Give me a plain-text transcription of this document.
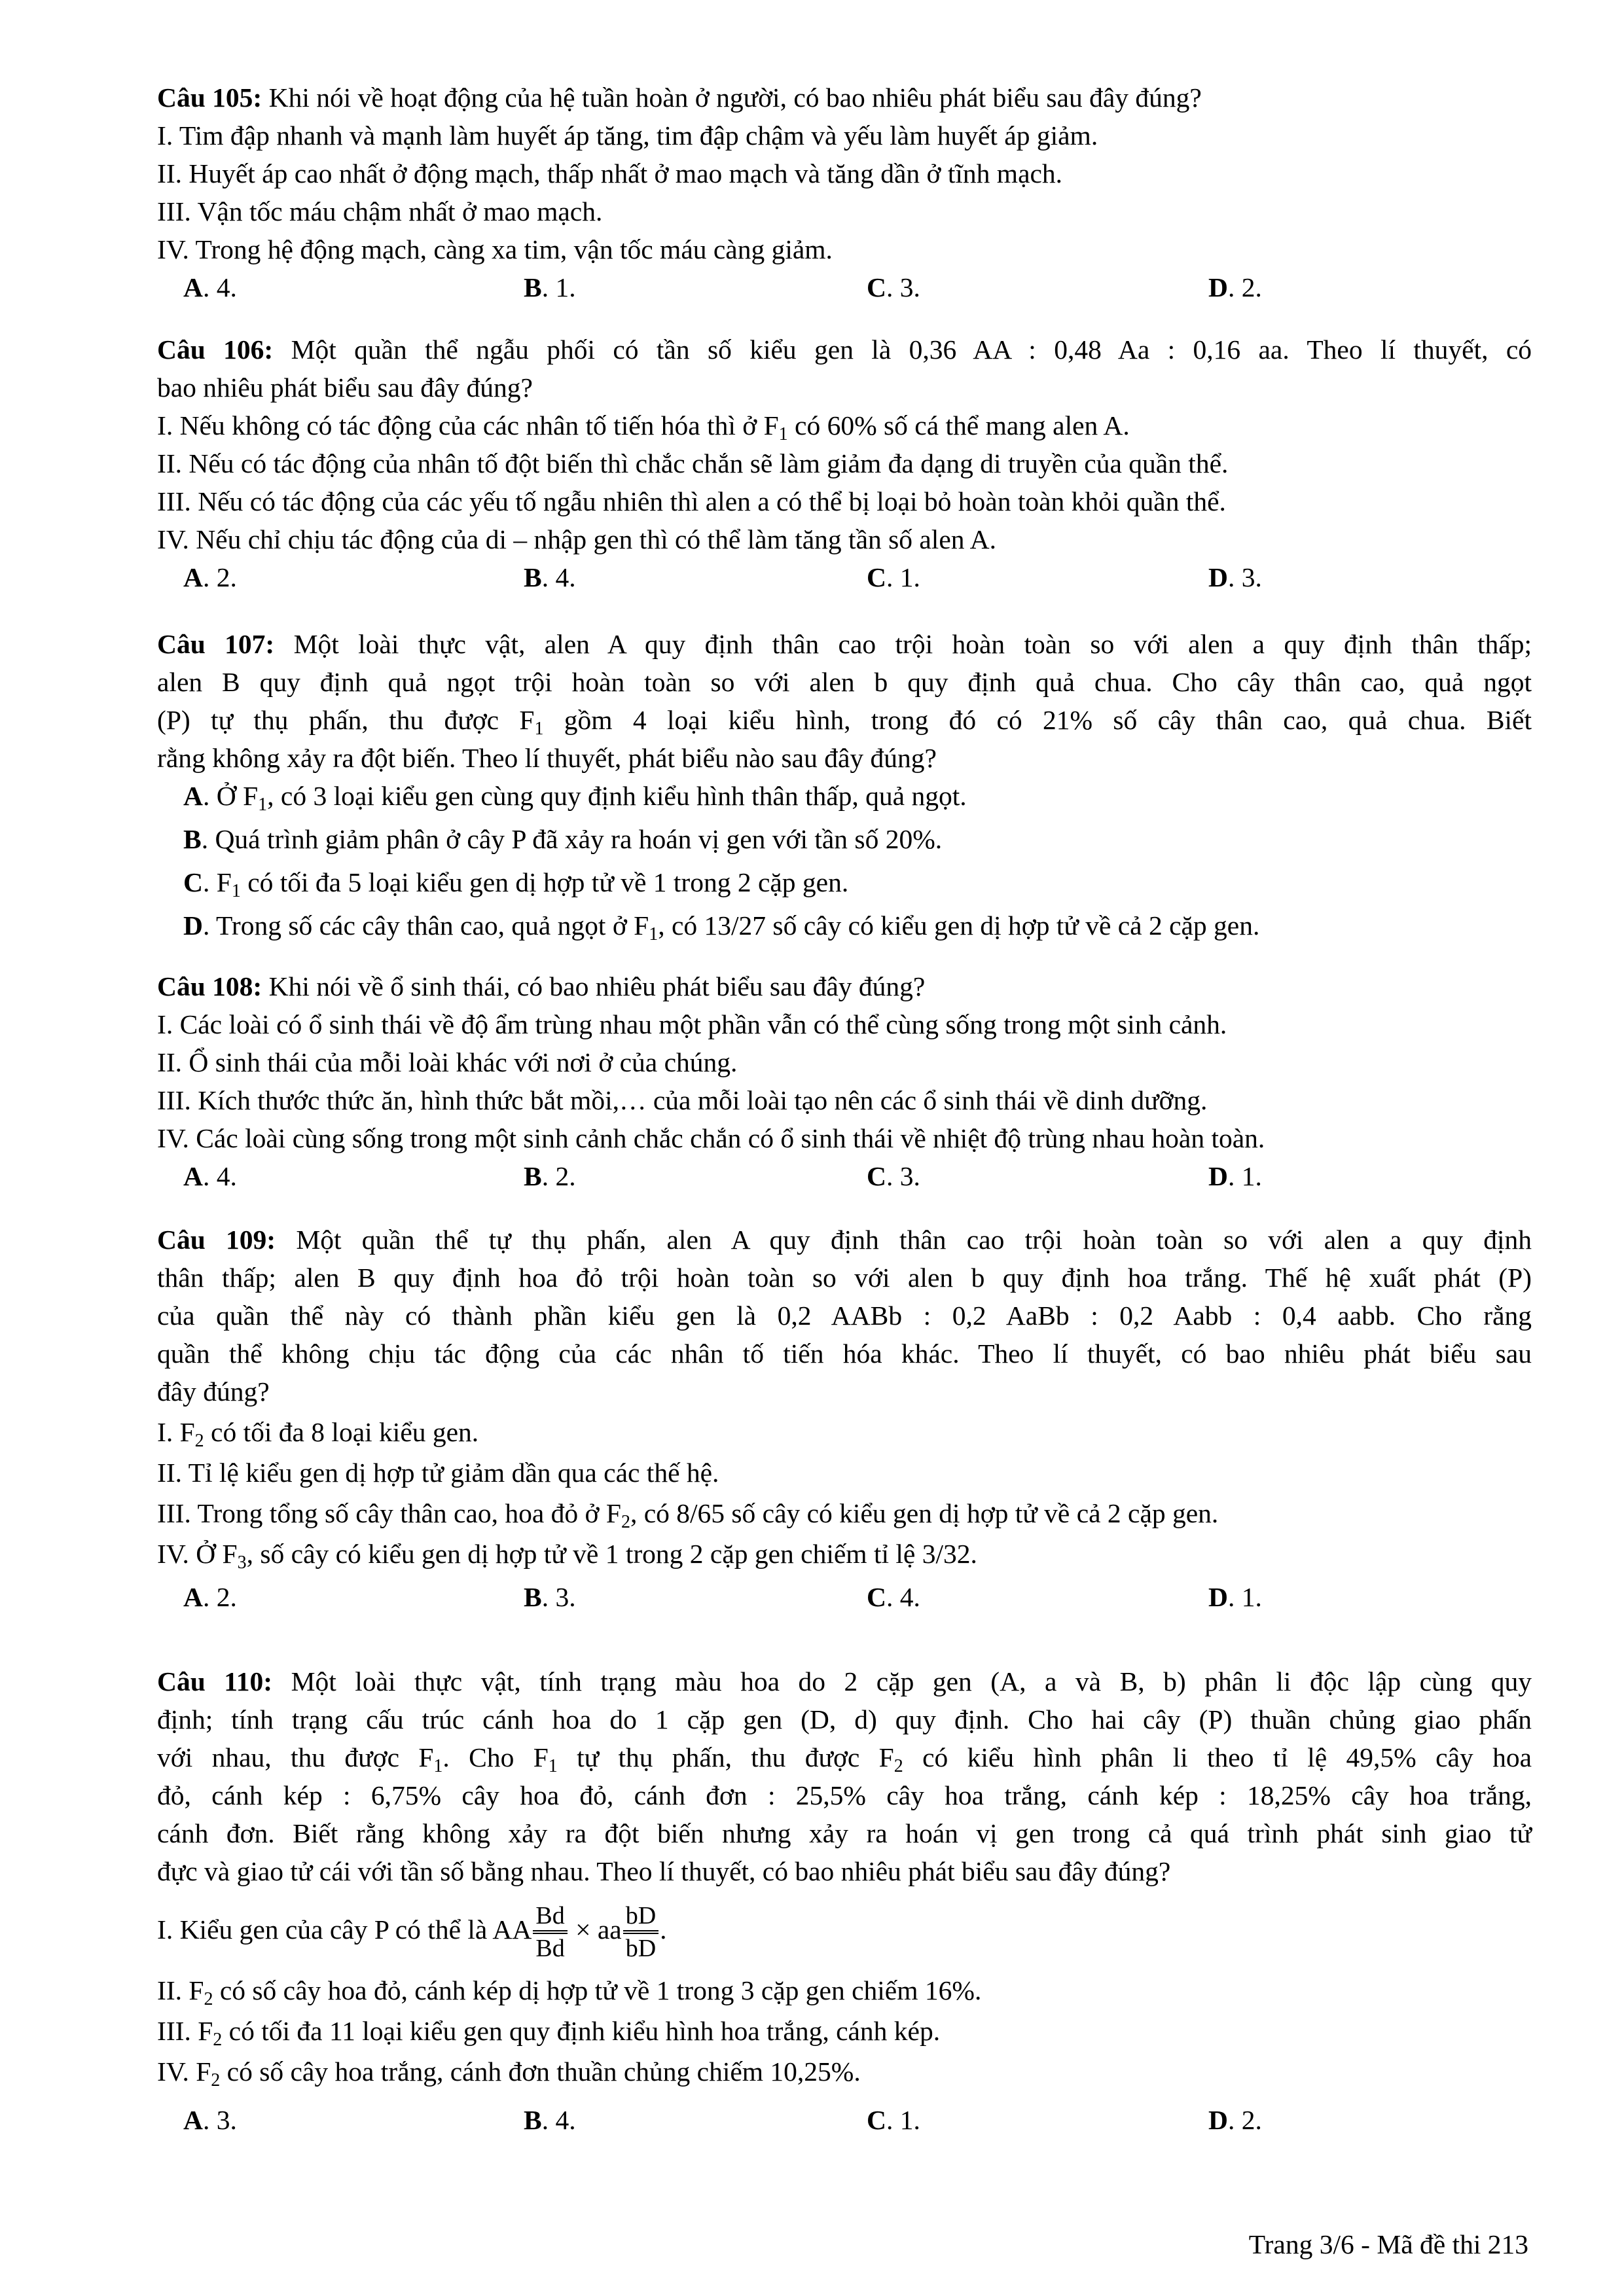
Câu 105: Khi nói về hoạt động của hệ tuần hoàn ở người, có bao nhiêu phát biểu sau đây đúng?
I. Tim đập nhanh và mạnh làm huyết áp tăng, tim đập chậm và yếu làm huyết áp giảm.
II. Huyết áp cao nhất ở động mạch, thấp nhất ở mao mạch và tăng dần ở tĩnh mạch.
III. Vận tốc máu chậm nhất ở mao mạch.
IV. Trong hệ động mạch, càng xa tim, vận tốc máu càng giảm.
A. 4.	B. 1.	C. 3.	D. 2.
Câu 106: Một quần thể ngẫu phối có tần số kiểu gen là 0,36 AA : 0,48 Aa : 0,16 aa. Theo lí thuyết, có
bao nhiêu phát biểu sau đây đúng?
I. Nếu không có tác động của các nhân tố tiến hóa thì ở $F_1$ có 60% số cá thể mang alen A.
II. Nếu có tác động của nhân tố đột biến thì chắc chắn sẽ làm giảm đa dạng di truyền của quần thể.
III. Nếu có tác động của các yếu tố ngẫu nhiên thì alen a có thể bị loại bỏ hoàn toàn khỏi quần thể.
IV. Nếu chỉ chịu tác động của di – nhập gen thì có thể làm tăng tần số alen A.
A. 2.	B. 4.	C. 1.	D. 3.
Câu 107: Một loài thực vật, alen A quy định thân cao trội hoàn toàn so với alen a quy định thân thấp;
alen B quy định quả ngọt trội hoàn toàn so với alen b quy định quả chua. Cho cây thân cao, quả ngọt
(P) tự thụ phấn, thu được $F_1$ gồm 4 loại kiểu hình, trong đó có 21% số cây thân cao, quả chua. Biết
rằng không xảy ra đột biến. Theo lí thuyết, phát biểu nào sau đây đúng?
A. Ở $F_1$, có 3 loại kiểu gen cùng quy định kiểu hình thân thấp, quả ngọt.
B. Quá trình giảm phân ở cây P đã xảy ra hoán vị gen với tần số 20%.
C. $F_1$ có tối đa 5 loại kiểu gen dị hợp tử về 1 trong 2 cặp gen.
D. Trong số các cây thân cao, quả ngọt ở $F_1$, có 13/27 số cây có kiểu gen dị hợp tử về cả 2 cặp gen.
Câu 108: Khi nói về ổ sinh thái, có bao nhiêu phát biểu sau đây đúng?
I. Các loài có ổ sinh thái về độ ẩm trùng nhau một phần vẫn có thể cùng sống trong một sinh cảnh.
II. Ổ sinh thái của mỗi loài khác với nơi ở của chúng.
III. Kích thước thức ăn, hình thức bắt mồi,… của mỗi loài tạo nên các ổ sinh thái về dinh dưỡng.
IV. Các loài cùng sống trong một sinh cảnh chắc chắn có ổ sinh thái về nhiệt độ trùng nhau hoàn toàn.
A. 4.	B. 2.	C. 3.	D. 1.
Câu 109: Một quần thể tự thụ phấn, alen A quy định thân cao trội hoàn toàn so với alen a quy định
thân thấp; alen B quy định hoa đỏ trội hoàn toàn so với alen b quy định hoa trắng. Thế hệ xuất phát (P)
của quần thể này có thành phần kiểu gen là 0,2 AABb : 0,2 AaBb : 0,2 Aabb : 0,4 aabb. Cho rằng
quần thể không chịu tác động của các nhân tố tiến hóa khác. Theo lí thuyết, có bao nhiêu phát biểu sau
đây đúng?
I. $F_2$ có tối đa 8 loại kiểu gen.
II. Tỉ lệ kiểu gen dị hợp tử giảm dần qua các thế hệ.
III. Trong tổng số cây thân cao, hoa đỏ ở $F_2$, có 8/65 số cây có kiểu gen dị hợp tử về cả 2 cặp gen.
IV. Ở $F_3$, số cây có kiểu gen dị hợp tử về 1 trong 2 cặp gen chiếm tỉ lệ 3/32.
A. 2.	B. 3.	C. 4.	D. 1.
Câu 110: Một loài thực vật, tính trạng màu hoa do 2 cặp gen (A, a và B, b) phân li độc lập cùng quy
định; tính trạng cấu trúc cánh hoa do 1 cặp gen (D, d) quy định. Cho hai cây (P) thuần chủng giao phấn
với nhau, thu được $F_1$. Cho $F_1$ tự thụ phấn, thu được $F_2$ có kiểu hình phân li theo tỉ lệ 49,5% cây hoa
đỏ, cánh kép : 6,75% cây hoa đỏ, cánh đơn : 25,5% cây hoa trắng, cánh kép : 18,25% cây hoa trắng,
cánh đơn. Biết rằng không xảy ra đột biến nhưng xảy ra hoán vị gen trong cả quá trình phát sinh giao tử
đực và giao tử cái với tần số bằng nhau. Theo lí thuyết, có bao nhiêu phát biểu sau đây đúng?
I. Kiểu gen của cây P có thể là AA $\frac{Bd}{Bd}$ × aa $\frac{bD}{bD}$ .
II. $F_2$ có số cây hoa đỏ, cánh kép dị hợp tử về 1 trong 3 cặp gen chiếm 16%.
III. $F_2$ có tối đa 11 loại kiểu gen quy định kiểu hình hoa trắng, cánh kép.
IV. $F_2$ có số cây hoa trắng, cánh đơn thuần chủng chiếm 10,25%.
A. 3.	B. 4.	C. 1.	D. 2.
Trang 3/6 - Mã đề thi 213
